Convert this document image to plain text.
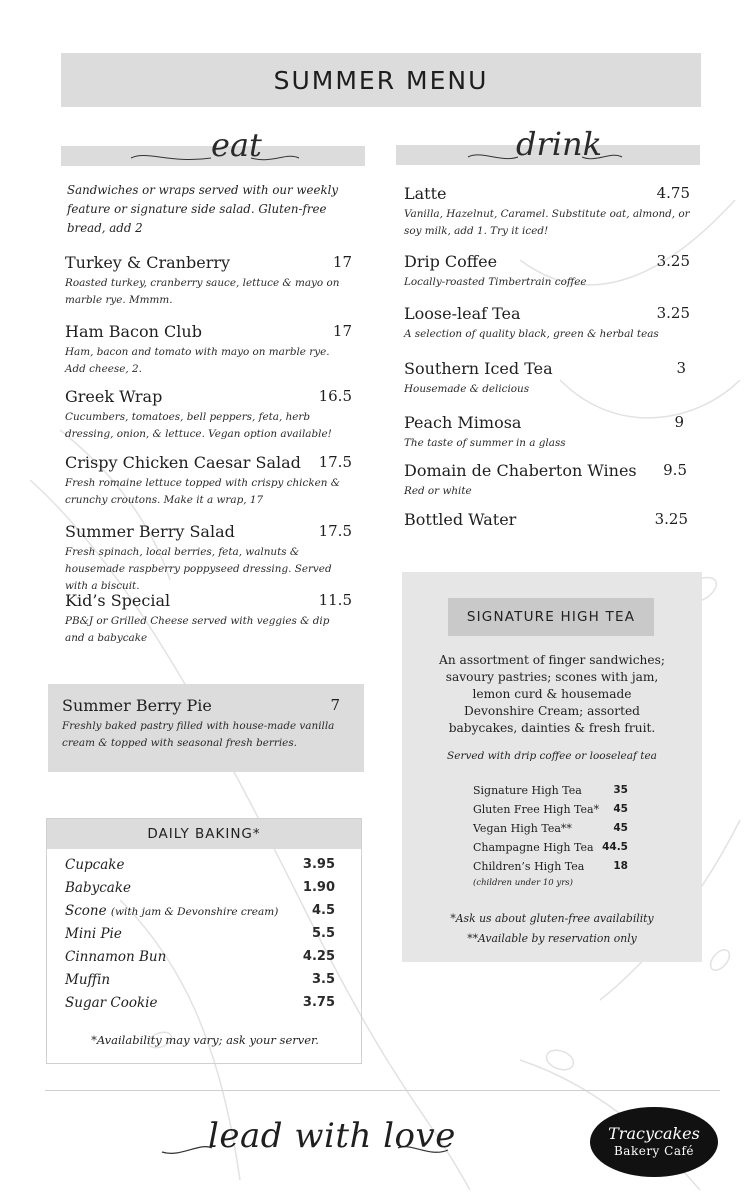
SUMMER MENU
eat
Sandwiches or wraps served with our weekly feature or signature side salad. Gluten-free bread, add 2
Turkey & Cranberry	17
Roasted turkey, cranberry sauce, lettuce & mayo on marble rye. Mmmm.
Ham Bacon Club	17
Ham, bacon and tomato with mayo on marble rye. Add cheese, 2.
Greek Wrap	16.5
Cucumbers, tomatoes, bell peppers, feta, herb dressing, onion, & lettuce. Vegan option available!
Crispy Chicken Caesar Salad	17.5
Fresh romaine lettuce topped with crispy chicken & crunchy croutons. Make it a wrap, 17
Summer Berry Salad	17.5
Fresh spinach, local berries, feta, walnuts & housemade raspberry poppyseed dressing. Served with a biscuit.
Kid’s Special	11.5
PB&J or Grilled Cheese served with veggies & dip and a babycake
Summer Berry Pie	7
Freshly baked pastry filled with house-made vanilla cream & topped with seasonal fresh berries.
DAILY BAKING*
Cupcake	3.95
Babycake	1.90
Scone (with jam & Devonshire cream)	4.5
Mini Pie	5.5
Cinnamon Bun	4.25
Muffin	3.5
Sugar Cookie	3.75
*Availability may vary; ask your server.
drink
Latte	4.75
Vanilla, Hazelnut, Caramel. Substitute oat, almond, or soy milk, add 1. Try it iced!
Drip Coffee	3.25
Locally-roasted Timbertrain coffee
Loose-leaf Tea	3.25
A selection of quality black, green & herbal teas
Southern Iced Tea	3
Housemade & delicious
Peach Mimosa	9
The taste of summer in a glass
Domain de Chaberton Wines	9.5
Red or white
Bottled Water	3.25
SIGNATURE HIGH TEA
An assortment of finger sandwiches; savoury pastries; scones with jam, lemon curd & housemade Devonshire Cream; assorted babycakes, dainties & fresh fruit.
Served with drip coffee or looseleaf tea
Signature High Tea	35
Gluten Free High Tea* 45
Vegan High Tea**	45
Champagne High Tea 44.5
Children’s High Tea	18
(children under 10 yrs)
*Ask us about gluten-free availability
**Available by reservation only
lead with love	Tracycakes
Bakery Café
